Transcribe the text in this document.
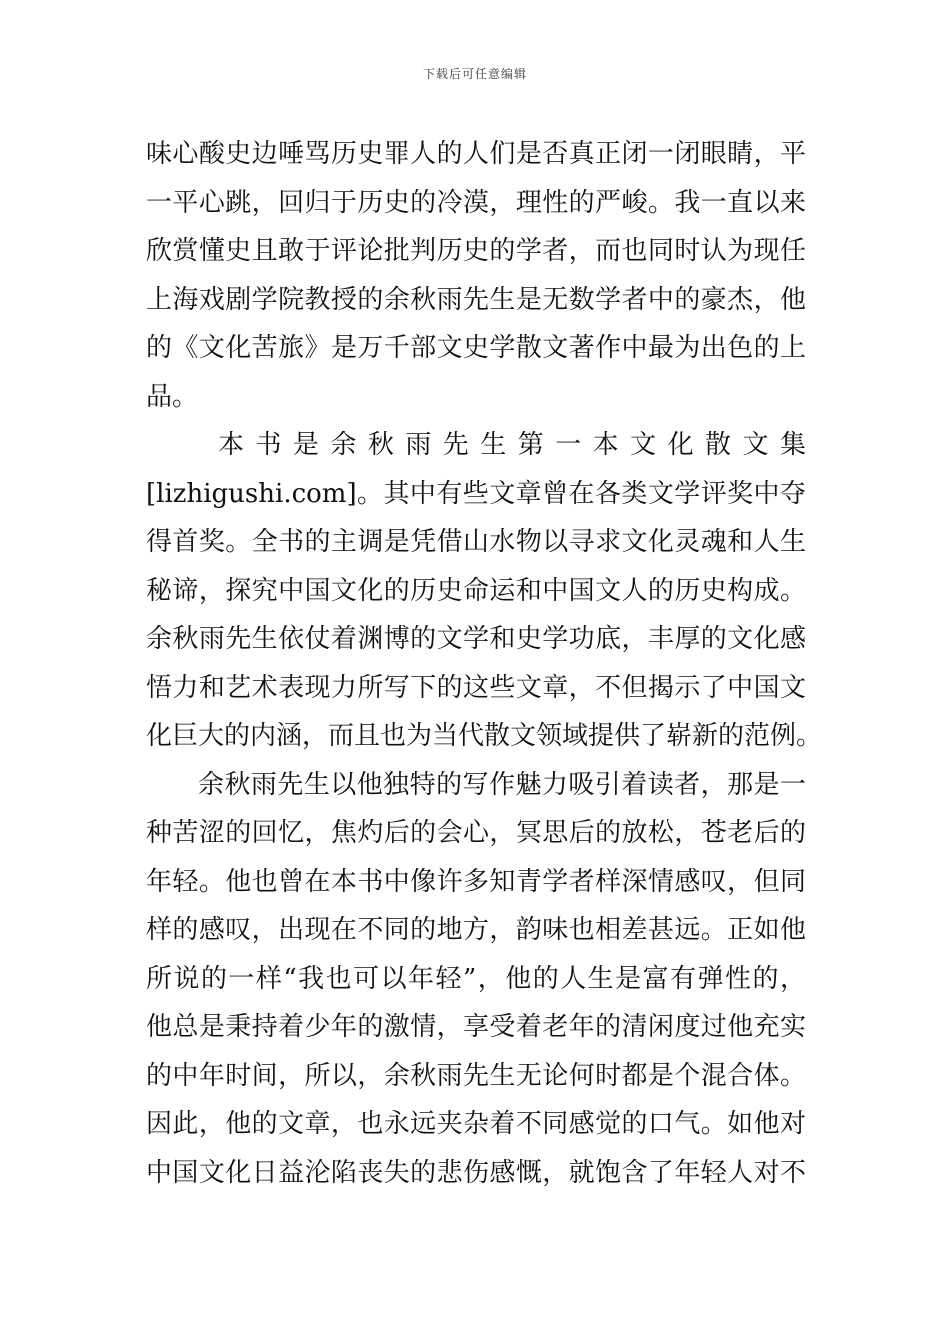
下载后可任意编辑

味心酸史边唾骂历史罪人的人们是否真正闭一闭眼睛，平
一平心跳，回归于历史的冷漠，理性的严峻。我一直以来
欣赏懂史且敢于评论批判历史的学者，而也同时认为现任
上海戏剧学院教授的余秋雨先生是无数学者中的豪杰，他
的《文化苦旅》是万千部文史学散文著作中最为出色的上
品。

本书是余秋雨先生第一本文化散文集
[lizhigushi.com]。其中有些文章曾在各类文学评奖中夺
得首奖。全书的主调是凭借山水物以寻求文化灵魂和人生
秘谛，探究中国文化的历史命运和中国文人的历史构成。
余秋雨先生依仗着渊博的文学和史学功底，丰厚的文化感
悟力和艺术表现力所写下的这些文章，不但揭示了中国文
化巨大的内涵，而且也为当代散文领域提供了崭新的范例。

余秋雨先生以他独特的写作魅力吸引着读者，那是一
种苦涩的回忆，焦灼后的会心，冥思后的放松，苍老后的
年轻。他也曾在本书中像许多知青学者样深情感叹，但同
样的感叹，出现在不同的地方，韵味也相差甚远。正如他
所说的一样“我也可以年轻”，他的人生是富有弹性的，
他总是秉持着少年的激情，享受着老年的清闲度过他充实
的中年时间，所以，余秋雨先生无论何时都是个混合体。
因此，他的文章，也永远夹杂着不同感觉的口气。如他对
中国文化日益沦陷丧失的悲伤感慨，就饱含了年轻人对不
